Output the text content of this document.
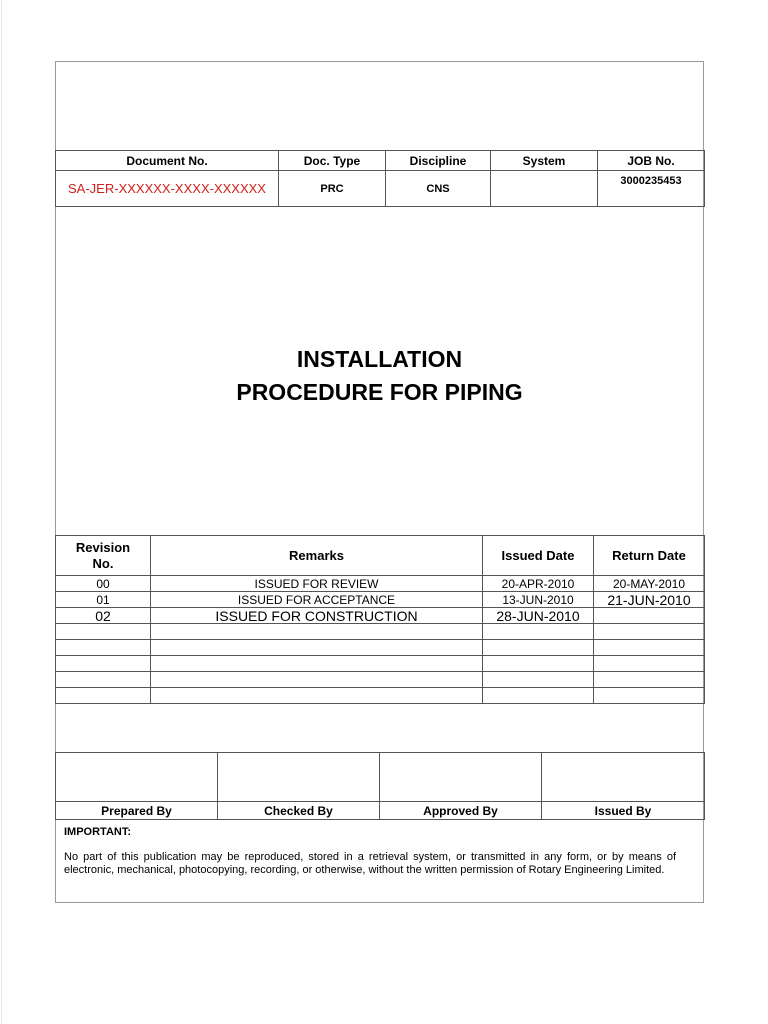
Document No.	Doc. Type	Discipline	System	JOB No.
SA-JER-XXXXXX-XXXX-XXXXXX	PRC	CNS		3000235453
INSTALLATION
PROCEDURE FOR PIPING
Revision No.	Remarks	Issued Date	Return Date
00	ISSUED FOR REVIEW	20-APR-2010	20-MAY-2010
01	ISSUED FOR ACCEPTANCE	13-JUN-2010	21-JUN-2010
02	ISSUED FOR CONSTRUCTION	28-JUN-2010	

Prepared By	Checked By	Approved By	Issued By
IMPORTANT:
No part of this publication may be reproduced, stored in a retrieval system, or transmitted in any form, or by means of electronic, mechanical, photocopying, recording, or otherwise, without the written permission of Rotary Engineering Limited.
